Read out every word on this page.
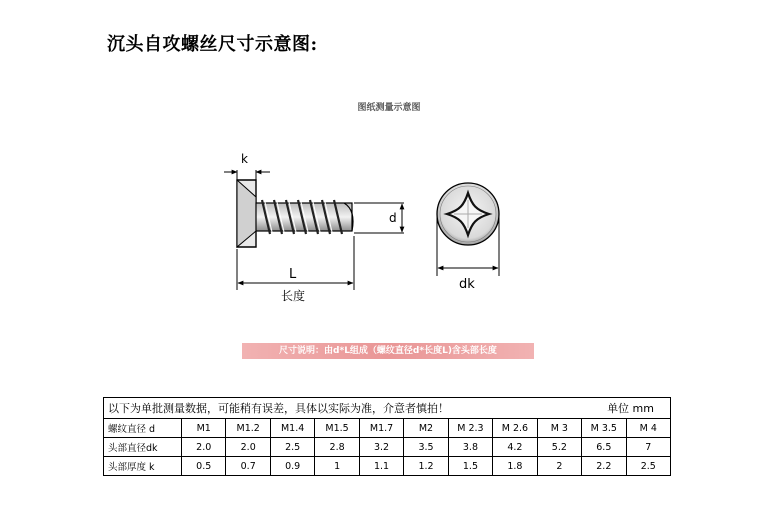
沉头自攻螺丝尺寸示意图:
图纸测量示意图
k
d
L
长度
dk
尺寸说明：由d*L组成（螺纹直径d*长度L)含头部长度
以下为单批测量数据，可能稍有误差，具体以实际为准，介意者慎拍！ 单位 mm											

螺纹直径 d	M1	M1.2	M1.4	M1.5	M1.7	M2	M 2.3	M 2.6	M 3	M 3.5	M 4
头部直径dk	2.0	2.0	2.5	2.8	3.2	3.5	3.8	4.2	5.2	6.5	7
头部厚度 k	0.5	0.7	0.9	1	1.1	1.2	1.5	1.8	2	2.2	2.5
